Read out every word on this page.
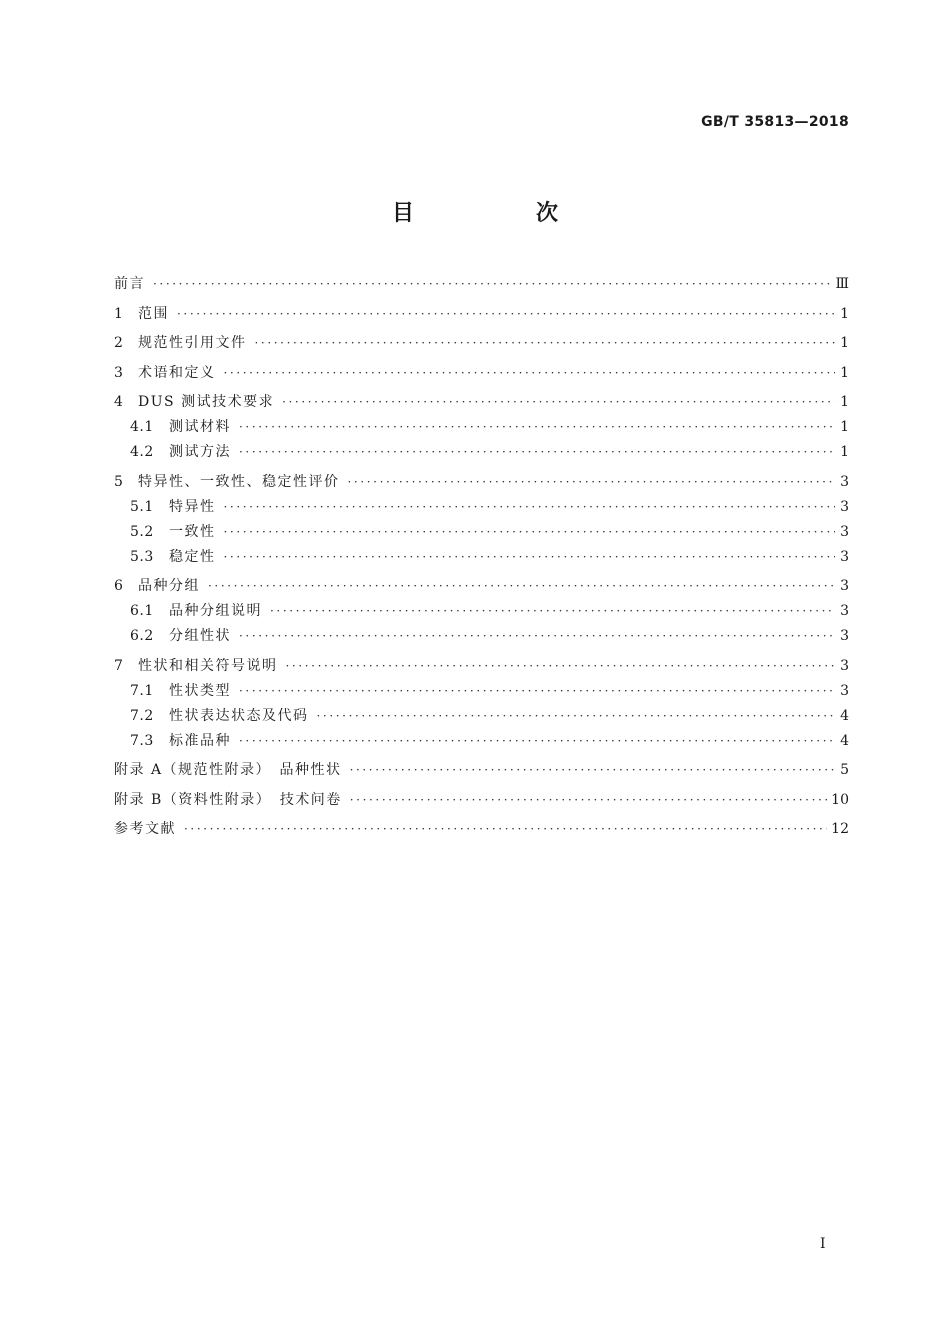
GB/T 35813—2018
目　次
前言 ·····	Ⅲ
1	范围 ·····	1
2	规范性引用文件 ·····	1
3	术语和定义 ·····	1
4	DUS 测试技术要求 ·····	1
4.1	测试材料 ·····	1
4.2	测试方法 ·····	1
5	特异性、一致性、稳定性评价 ·····	3
5.1	特异性 ·····	3
5.2	一致性 ·····	3
5.3	稳定性 ·····	3
6	品种分组 ·····	3
6.1	品种分组说明 ·····	3
6.2	分组性状 ·····	3
7	性状和相关符号说明 ·····	3
7.1	性状类型 ·····	3
7.2	性状表达状态及代码 ·····	4
7.3	标准品种 ·····	4
附录 A（规范性附录）　品种性状 ·····	5
附录 B（资料性附录）　技术问卷 ·····	10
参考文献 ·····	12
Ⅰ
